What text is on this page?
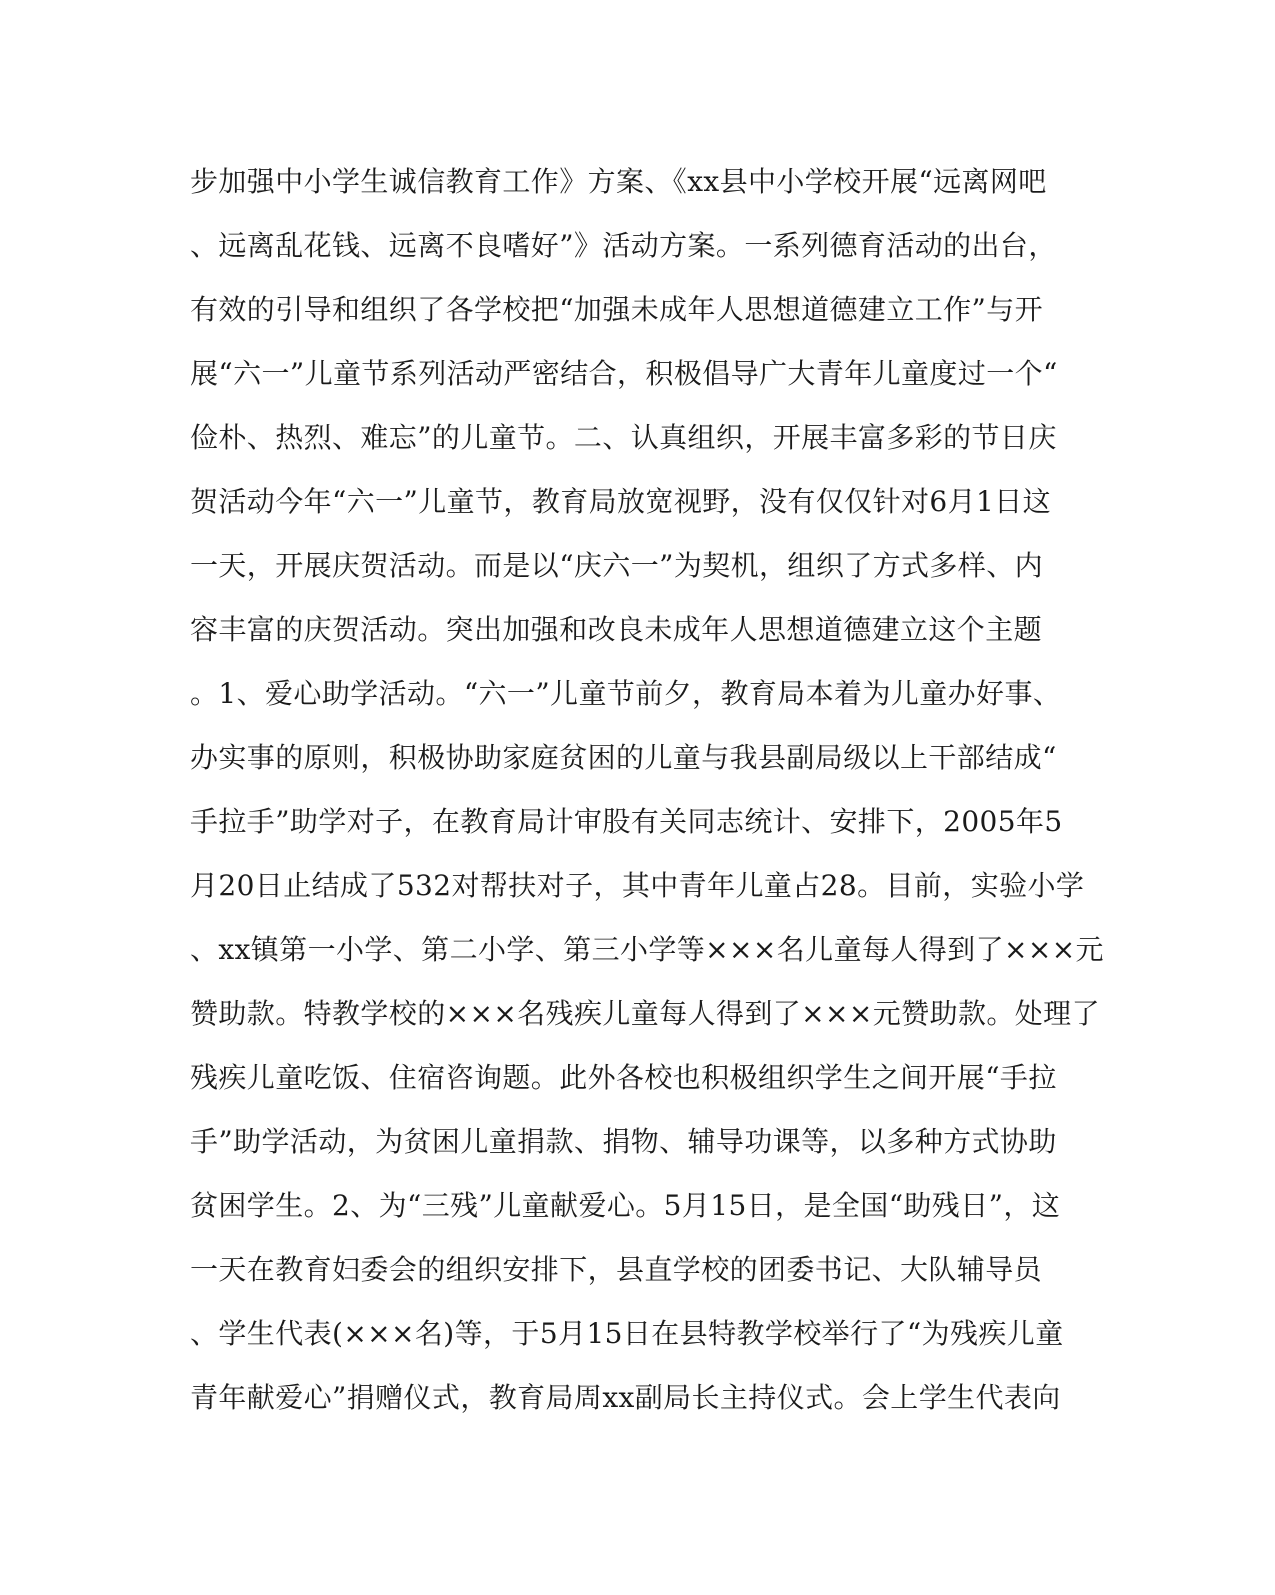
步加强中小学生诚信教育工作》方案、《xx县中小学校开展“远离网吧
、远离乱花钱、远离不良嗜好”》活动方案。一系列德育活动的出台，
有效的引导和组织了各学校把“加强未成年人思想道德建立工作”与开
展“六一”儿童节系列活动严密结合，积极倡导广大青年儿童度过一个“
俭朴、热烈、难忘”的儿童节。二、认真组织，开展丰富多彩的节日庆
贺活动今年“六一”儿童节，教育局放宽视野，没有仅仅针对6月1日这
一天，开展庆贺活动。而是以“庆六一”为契机，组织了方式多样、内
容丰富的庆贺活动。突出加强和改良未成年人思想道德建立这个主题
。1、爱心助学活动。“六一”儿童节前夕，教育局本着为儿童办好事、
办实事的原则，积极协助家庭贫困的儿童与我县副局级以上干部结成“
手拉手”助学对子，在教育局计审股有关同志统计、安排下，2005年5
月20日止结成了532对帮扶对子，其中青年儿童占28。目前，实验小学
、xx镇第一小学、第二小学、第三小学等×××名儿童每人得到了×××元
赞助款。特教学校的×××名残疾儿童每人得到了×××元赞助款。处理了
残疾儿童吃饭、住宿咨询题。此外各校也积极组织学生之间开展“手拉
手”助学活动，为贫困儿童捐款、捐物、辅导功课等，以多种方式协助
贫困学生。2、为“三残”儿童献爱心。5月15日，是全国“助残日”，这
一天在教育妇委会的组织安排下，县直学校的团委书记、大队辅导员
、学生代表(×××名)等，于5月15日在县特教学校举行了“为残疾儿童
青年献爱心”捐赠仪式，教育局周xx副局长主持仪式。会上学生代表向
